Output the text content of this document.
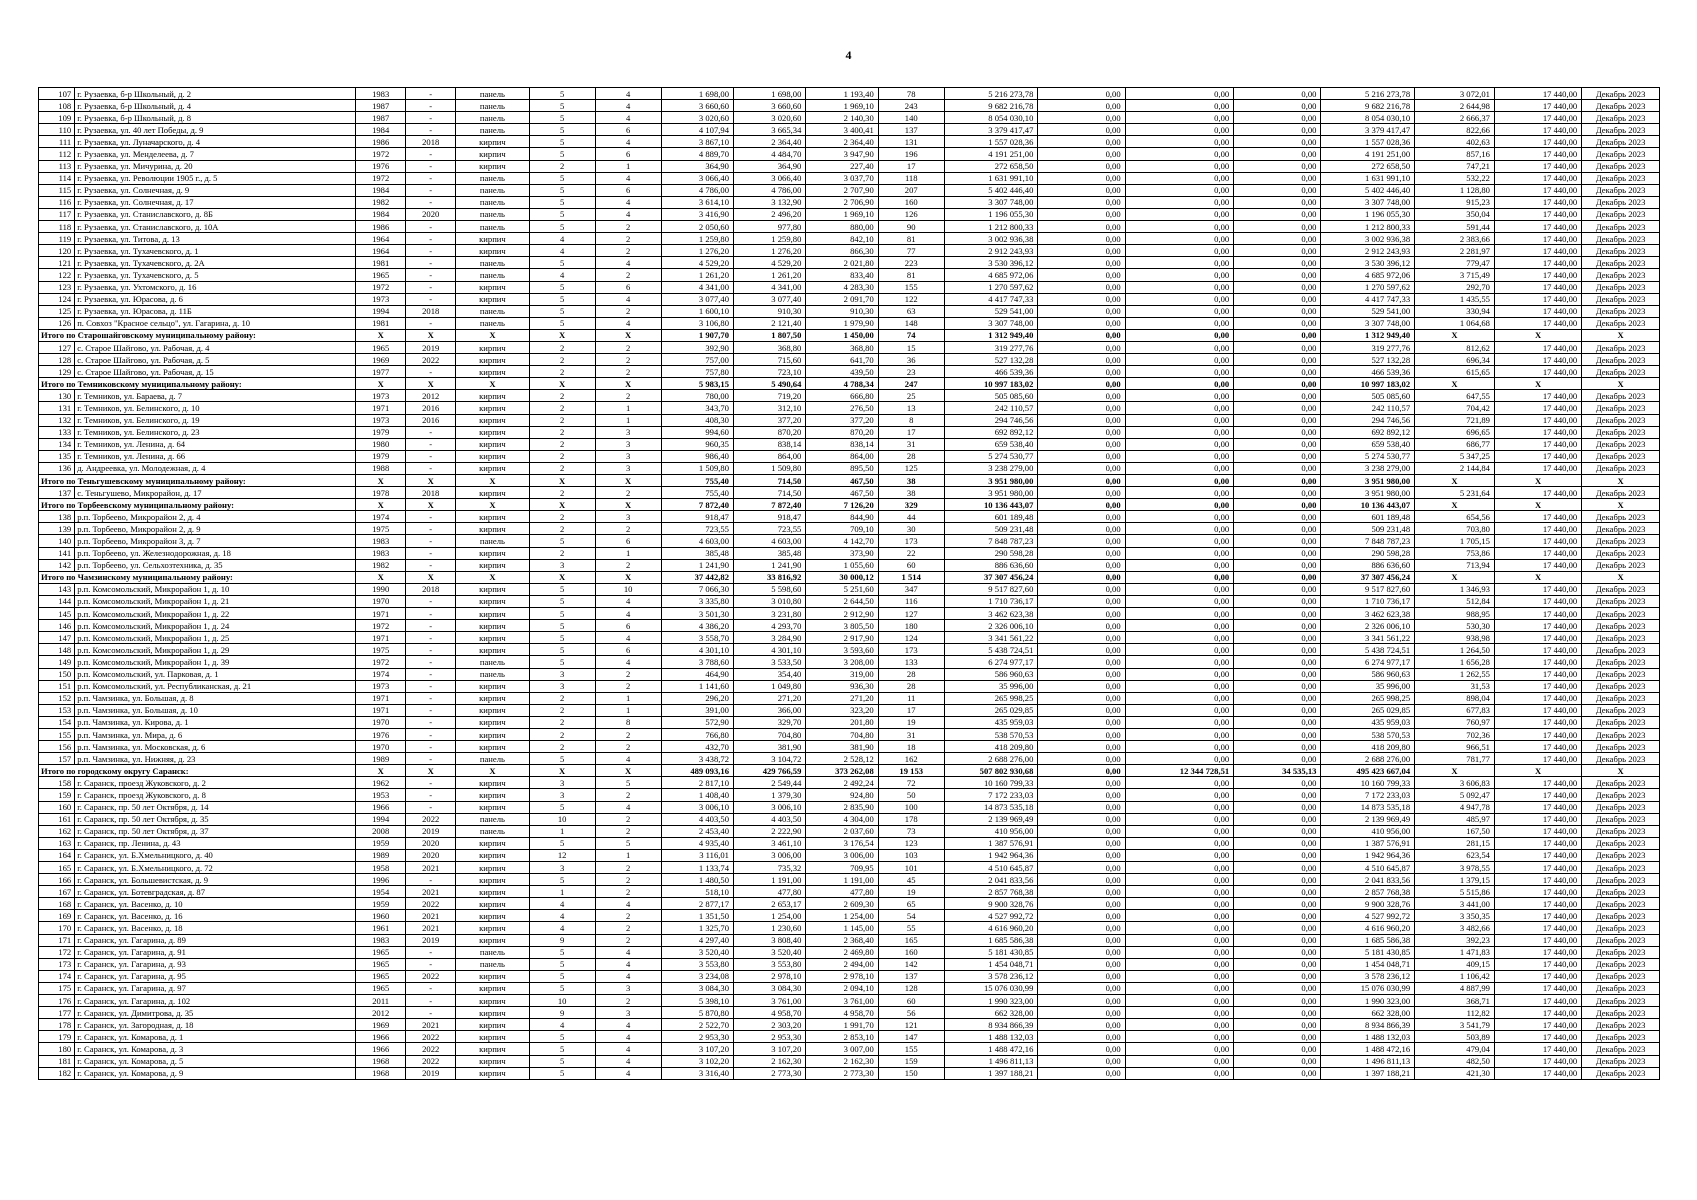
4
107	г. Рузаевка, б-р Школьный, д. 2	1983	-	панель	5	4	1 698,00	1 698,00	1 193,40	78	5 216 273,78	0,00	0,00	0,00	5 216 273,78	3 072,01	17 440,00	Декабрь 2023
108	г. Рузаевка, б-р Школьный, д. 4	1987	-	панель	5	4	3 660,60	3 660,60	1 969,10	243	9 682 216,78	0,00	0,00	0,00	9 682 216,78	2 644,98	17 440,00	Декабрь 2023
109	г. Рузаевка, б-р Школьный, д. 8	1987	-	панель	5	4	3 020,60	3 020,60	2 140,30	140	8 054 030,10	0,00	0,00	0,00	8 054 030,10	2 666,37	17 440,00	Декабрь 2023
110	г. Рузаевка, ул. 40 лет Победы, д. 9	1984	-	панель	5	6	4 107,94	3 665,34	3 400,41	137	3 379 417,47	0,00	0,00	0,00	3 379 417,47	822,66	17 440,00	Декабрь 2023
111	г. Рузаевка, ул. Луначарского, д. 4	1986	2018	кирпич	5	4	3 867,10	2 364,40	2 364,40	131	1 557 028,36	0,00	0,00	0,00	1 557 028,36	402,63	17 440,00	Декабрь 2023
112	г. Рузаевка, ул. Менделеева, д. 7	1972	-	кирпич	5	6	4 889,70	4 484,70	3 947,90	196	4 191 251,00	0,00	0,00	0,00	4 191 251,00	857,16	17 440,00	Декабрь 2023
113	г. Рузаевка, ул. Мичурина, д. 20	1976	-	кирпич	2	1	364,90	364,90	227,40	17	272 658,50	0,00	0,00	0,00	272 658,50	747,21	17 440,00	Декабрь 2023
114	г. Рузаевка, ул. Революции 1905 г., д. 5	1972	-	панель	5	4	3 066,40	3 066,40	3 037,70	118	1 631 991,10	0,00	0,00	0,00	1 631 991,10	532,22	17 440,00	Декабрь 2023
115	г. Рузаевка, ул. Солнечная, д. 9	1984	-	панель	5	6	4 786,00	4 786,00	2 707,90	207	5 402 446,40	0,00	0,00	0,00	5 402 446,40	1 128,80	17 440,00	Декабрь 2023
116	г. Рузаевка, ул. Солнечная, д. 17	1982	-	панель	5	4	3 614,10	3 132,90	2 706,90	160	3 307 748,00	0,00	0,00	0,00	3 307 748,00	915,23	17 440,00	Декабрь 2023
117	г. Рузаевка, ул. Станиславского, д. 8Б	1984	2020	панель	5	4	3 416,90	2 496,20	1 969,10	126	1 196 055,30	0,00	0,00	0,00	1 196 055,30	350,04	17 440,00	Декабрь 2023
118	г. Рузаевка, ул. Станиславского, д. 10А	1986	-	панель	5	2	2 050,60	977,80	880,00	90	1 212 800,33	0,00	0,00	0,00	1 212 800,33	591,44	17 440,00	Декабрь 2023
119	г. Рузаевка, ул. Титова, д. 13	1964	-	кирпич	4	2	1 259,80	1 259,80	842,10	81	3 002 936,38	0,00	0,00	0,00	3 002 936,38	2 383,66	17 440,00	Декабрь 2023
120	г. Рузаевка, ул. Тухачевского, д. 1	1964	-	кирпич	4	2	1 276,20	1 276,20	866,30	77	2 912 243,93	0,00	0,00	0,00	2 912 243,93	2 281,97	17 440,00	Декабрь 2023
121	г. Рузаевка, ул. Тухачевского, д. 2А	1981	-	панель	5	4	4 529,20	4 529,20	2 021,80	223	3 530 396,12	0,00	0,00	0,00	3 530 396,12	779,47	17 440,00	Декабрь 2023
122	г. Рузаевка, ул. Тухачевского, д. 5	1965	-	панель	4	2	1 261,20	1 261,20	833,40	81	4 685 972,06	0,00	0,00	0,00	4 685 972,06	3 715,49	17 440,00	Декабрь 2023
123	г. Рузаевка, ул. Ухтомского, д. 16	1972	-	кирпич	5	6	4 341,00	4 341,00	4 283,30	155	1 270 597,62	0,00	0,00	0,00	1 270 597,62	292,70	17 440,00	Декабрь 2023
124	г. Рузаевка, ул. Юрасова, д. 6	1973	-	кирпич	5	4	3 077,40	3 077,40	2 091,70	122	4 417 747,33	0,00	0,00	0,00	4 417 747,33	1 435,55	17 440,00	Декабрь 2023
125	г. Рузаевка, ул. Юрасова, д. 11Б	1994	2018	панель	5	2	1 600,10	910,30	910,30	63	529 541,00	0,00	0,00	0,00	529 541,00	330,94	17 440,00	Декабрь 2023
126	п. Совхоз "Красное сельцо", ул. Гагарина, д. 10	1981	-	панель	5	4	3 106,80	2 121,40	1 979,90	148	3 307 748,00	0,00	0,00	0,00	3 307 748,00	1 064,68	17 440,00	Декабрь 2023
Итого по Старошайговскому муниципальному району:		X	X	X	X	X	1 907,70	1 807,50	1 450,00	74	1 312 949,40	0,00	0,00	0,00	1 312 949,40	X	X	X
127	с. Старое Шайгово, ул. Рабочая, д. 4	1965	2019	кирпич	2	2	392,90	368,80	368,80	15	319 277,76	0,00	0,00	0,00	319 277,76	812,62	17 440,00	Декабрь 2023
128	с. Старое Шайгово, ул. Рабочая, д. 5	1969	2022	кирпич	2	2	757,00	715,60	641,70	36	527 132,28	0,00	0,00	0,00	527 132,28	696,34	17 440,00	Декабрь 2023
129	с. Старое Шайгово, ул. Рабочая, д. 15	1977	-	кирпич	2	2	757,80	723,10	439,50	23	466 539,36	0,00	0,00	0,00	466 539,36	615,65	17 440,00	Декабрь 2023
Итого по Темниковскому муниципальному району:		X	X	X	X	X	5 983,15	5 490,64	4 788,34	247	10 997 183,02	0,00	0,00	0,00	10 997 183,02	X	X	X
130	г. Темников, ул. Бараева, д. 7	1973	2012	кирпич	2	2	780,00	719,20	666,80	25	505 085,60	0,00	0,00	0,00	505 085,60	647,55	17 440,00	Декабрь 2023
131	г. Темников, ул. Белинского, д. 10	1971	2016	кирпич	2	1	343,70	312,10	276,50	13	242 110,57	0,00	0,00	0,00	242 110,57	704,42	17 440,00	Декабрь 2023
132	г. Темников, ул. Белинского, д. 19	1973	2016	кирпич	2	1	408,30	377,20	377,20	8	294 746,56	0,00	0,00	0,00	294 746,56	721,89	17 440,00	Декабрь 2023
133	г. Темников, ул. Белинского, д. 23	1979	-	кирпич	2	3	994,60	870,20	870,20	17	692 892,12	0,00	0,00	0,00	692 892,12	696,65	17 440,00	Декабрь 2023
134	г. Темников, ул. Ленина, д. 64	1980	-	кирпич	2	3	960,35	838,14	838,14	31	659 538,40	0,00	0,00	0,00	659 538,40	686,77	17 440,00	Декабрь 2023
135	г. Темников, ул. Ленина, д. 66	1979	-	кирпич	2	3	986,40	864,00	864,00	28	5 274 530,77	0,00	0,00	0,00	5 274 530,77	5 347,25	17 440,00	Декабрь 2023
136	д. Андреевка, ул. Молодежная, д. 4	1988	-	кирпич	2	3	1 509,80	1 509,80	895,50	125	3 238 279,00	0,00	0,00	0,00	3 238 279,00	2 144,84	17 440,00	Декабрь 2023
Итого по Теньгушевскому муниципальному району:		X	X	X	X	X	755,40	714,50	467,50	38	3 951 980,00	0,00	0,00	0,00	3 951 980,00	X	X	X
137	с. Теньгушево, Микрорайон, д. 17	1978	2018	кирпич	2	2	755,40	714,50	467,50	38	3 951 980,00	0,00	0,00	0,00	3 951 980,00	5 231,64	17 440,00	Декабрь 2023
Итого по Торбеевскому муниципальному району:		X	X	X	X	X	7 872,40	7 872,40	7 126,20	329	10 136 443,07	0,00	0,00	0,00	10 136 443,07	X	X	X
138	р.п. Торбеево, Микрорайон 2, д. 4	1974	-	кирпич	2	3	918,47	918,47	844,90	44	601 189,48	0,00	0,00	0,00	601 189,48	654,56	17 440,00	Декабрь 2023
139	р.п. Торбеево, Микрорайон 2, д. 9	1975	-	кирпич	2	2	723,55	723,55	709,10	30	509 231,48	0,00	0,00	0,00	509 231,48	703,80	17 440,00	Декабрь 2023
140	р.п. Торбеево, Микрорайон 3, д. 7	1983	-	панель	5	6	4 603,00	4 603,00	4 142,70	173	7 848 787,23	0,00	0,00	0,00	7 848 787,23	1 705,15	17 440,00	Декабрь 2023
141	р.п. Торбеево, ул. Железнодорожная, д. 18	1983	-	кирпич	2	1	385,48	385,48	373,90	22	290 598,28	0,00	0,00	0,00	290 598,28	753,86	17 440,00	Декабрь 2023
142	р.п. Торбеево, ул. Сельхозтехника, д. 35	1982	-	кирпич	3	2	1 241,90	1 241,90	1 055,60	60	886 636,60	0,00	0,00	0,00	886 636,60	713,94	17 440,00	Декабрь 2023
Итого по Чамзинскому муниципальному району:		X	X	X	X	X	37 442,82	33 816,92	30 000,12	1 514	37 307 456,24	0,00	0,00	0,00	37 307 456,24	X	X	X
143	р.п. Комсомольский, Микрорайон 1, д. 10	1990	2018	кирпич	5	10	7 066,30	5 598,60	5 251,60	347	9 517 827,60	0,00	0,00	0,00	9 517 827,60	1 346,93	17 440,00	Декабрь 2023
144	р.п. Комсомольский, Микрорайон 1, д. 21	1970	-	кирпич	5	4	3 335,80	3 010,80	2 644,50	116	1 710 736,17	0,00	0,00	0,00	1 710 736,17	512,84	17 440,00	Декабрь 2023
145	р.п. Комсомольский, Микрорайон 1, д. 22	1971	-	кирпич	5	4	3 501,30	3 231,80	2 912,90	127	3 462 623,38	0,00	0,00	0,00	3 462 623,38	988,95	17 440,00	Декабрь 2023
146	р.п. Комсомольский, Микрорайон 1, д. 24	1972	-	кирпич	5	6	4 386,20	4 293,70	3 805,50	180	2 326 006,10	0,00	0,00	0,00	2 326 006,10	530,30	17 440,00	Декабрь 2023
147	р.п. Комсомольский, Микрорайон 1, д. 25	1971	-	кирпич	5	4	3 558,70	3 284,90	2 917,90	124	3 341 561,22	0,00	0,00	0,00	3 341 561,22	938,98	17 440,00	Декабрь 2023
148	р.п. Комсомольский, Микрорайон 1, д. 29	1975	-	кирпич	5	6	4 301,10	4 301,10	3 593,60	173	5 438 724,51	0,00	0,00	0,00	5 438 724,51	1 264,50	17 440,00	Декабрь 2023
149	р.п. Комсомольский, Микрорайон 1, д. 39	1972	-	панель	5	4	3 788,60	3 533,50	3 208,00	133	6 274 977,17	0,00	0,00	0,00	6 274 977,17	1 656,28	17 440,00	Декабрь 2023
150	р.п. Комсомольский, ул. Парковая, д. 1	1974	-	панель	3	2	464,90	354,40	319,00	28	586 960,63	0,00	0,00	0,00	586 960,63	1 262,55	17 440,00	Декабрь 2023
151	р.п. Комсомольский, ул. Республиканская, д. 21	1973	-	кирпич	3	2	1 141,60	1 049,80	936,30	28	35 996,00	0,00	0,00	0,00	35 996,00	31,53	17 440,00	Декабрь 2023
152	р.п. Чамзинка, ул. Большая, д. 8	1971	-	кирпич	2	1	296,20	271,20	271,20	11	265 998,25	0,00	0,00	0,00	265 998,25	898,04	17 440,00	Декабрь 2023
153	р.п. Чамзинка, ул. Большая, д. 10	1971	-	кирпич	2	1	391,00	366,00	323,20	17	265 029,85	0,00	0,00	0,00	265 029,85	677,83	17 440,00	Декабрь 2023
154	р.п. Чамзинка, ул. Кирова, д. 1	1970	-	кирпич	2	8	572,90	329,70	201,80	19	435 959,03	0,00	0,00	0,00	435 959,03	760,97	17 440,00	Декабрь 2023
155	р.п. Чамзинка, ул. Мира, д. 6	1976	-	кирпич	2	2	766,80	704,80	704,80	31	538 570,53	0,00	0,00	0,00	538 570,53	702,36	17 440,00	Декабрь 2023
156	р.п. Чамзинка, ул. Московская, д. 6	1970	-	кирпич	2	2	432,70	381,90	381,90	18	418 209,80	0,00	0,00	0,00	418 209,80	966,51	17 440,00	Декабрь 2023
157	р.п. Чамзинка, ул. Нижняя, д. 23	1989	-	панель	5	4	3 438,72	3 104,72	2 528,12	162	2 688 276,00	0,00	0,00	0,00	2 688 276,00	781,77	17 440,00	Декабрь 2023
Итого по городскому округу Саранск:		X	X	X	X	X	489 093,16	429 766,59	373 262,08	19 153	507 802 930,68	0,00	12 344 728,51	34 535,13	495 423 667,04	X	X	X
158	г. Саранск, проезд Жуковского, д. 2	1962	-	кирпич	3	5	2 817,10	2 549,44	2 492,24	72	10 160 799,33	0,00	0,00	0,00	10 160 799,33	3 606,83	17 440,00	Декабрь 2023
159	г. Саранск, проезд Жуковского, д. 8	1953	-	кирпич	3	2	1 408,40	1 379,30	924,80	50	7 172 233,03	0,00	0,00	0,00	7 172 233,03	5 092,47	17 440,00	Декабрь 2023
160	г. Саранск, пр. 50 лет Октября, д. 14	1966	-	кирпич	5	4	3 006,10	3 006,10	2 835,90	100	14 873 535,18	0,00	0,00	0,00	14 873 535,18	4 947,78	17 440,00	Декабрь 2023
161	г. Саранск, пр. 50 лет Октября, д. 35	1994	2022	панель	10	2	4 403,50	4 403,50	4 304,00	178	2 139 969,49	0,00	0,00	0,00	2 139 969,49	485,97	17 440,00	Декабрь 2023
162	г. Саранск, пр. 50 лет Октября, д. 37	2008	2019	панель	1	2	2 453,40	2 222,90	2 037,60	73	410 956,00	0,00	0,00	0,00	410 956,00	167,50	17 440,00	Декабрь 2023
163	г. Саранск, пр. Ленина, д. 43	1959	2020	кирпич	5	5	4 935,40	3 461,10	3 176,54	123	1 387 576,91	0,00	0,00	0,00	1 387 576,91	281,15	17 440,00	Декабрь 2023
164	г. Саранск, ул. Б.Хмельницкого, д. 40	1989	2020	кирпич	12	1	3 116,01	3 006,00	3 006,00	103	1 942 964,36	0,00	0,00	0,00	1 942 964,36	623,54	17 440,00	Декабрь 2023
165	г. Саранск, ул. Б.Хмельницкого, д. 72	1958	2021	кирпич	3	2	1 133,74	735,32	709,95	101	4 510 645,87	0,00	0,00	0,00	4 510 645,87	3 978,55	17 440,00	Декабрь 2023
166	г. Саранск, ул. Большевистская, д. 9	1996	-	кирпич	5	2	1 480,50	1 191,00	1 191,00	45	2 041 833,56	0,00	0,00	0,00	2 041 833,56	1 379,15	17 440,00	Декабрь 2023
167	г. Саранск, ул. Ботевградская, д. 87	1954	2021	кирпич	1	2	518,10	477,80	477,80	19	2 857 768,38	0,00	0,00	0,00	2 857 768,38	5 515,86	17 440,00	Декабрь 2023
168	г. Саранск, ул. Васенко, д. 10	1959	2022	кирпич	4	4	2 877,17	2 653,17	2 609,30	65	9 900 328,76	0,00	0,00	0,00	9 900 328,76	3 441,00	17 440,00	Декабрь 2023
169	г. Саранск, ул. Васенко, д. 16	1960	2021	кирпич	4	2	1 351,50	1 254,00	1 254,00	54	4 527 992,72	0,00	0,00	0,00	4 527 992,72	3 350,35	17 440,00	Декабрь 2023
170	г. Саранск, ул. Васенко, д. 18	1961	2021	кирпич	4	2	1 325,70	1 230,60	1 145,00	55	4 616 960,20	0,00	0,00	0,00	4 616 960,20	3 482,66	17 440,00	Декабрь 2023
171	г. Саранск, ул. Гагарина, д. 89	1983	2019	кирпич	9	2	4 297,40	3 808,40	2 368,40	165	1 685 586,38	0,00	0,00	0,00	1 685 586,38	392,23	17 440,00	Декабрь 2023
172	г. Саранск, ул. Гагарина, д. 91	1965	-	панель	5	4	3 520,40	3 520,40	2 469,80	160	5 181 430,85	0,00	0,00	0,00	5 181 430,85	1 471,83	17 440,00	Декабрь 2023
173	г. Саранск, ул. Гагарина, д. 93	1965	-	панель	5	4	3 553,80	3 553,80	2 494,00	142	1 454 048,71	0,00	0,00	0,00	1 454 048,71	409,15	17 440,00	Декабрь 2023
174	г. Саранск, ул. Гагарина, д. 95	1965	2022	кирпич	5	4	3 234,08	2 978,10	2 978,10	137	3 578 236,12	0,00	0,00	0,00	3 578 236,12	1 106,42	17 440,00	Декабрь 2023
175	г. Саранск, ул. Гагарина, д. 97	1965	-	кирпич	5	3	3 084,30	3 084,30	2 094,10	128	15 076 030,99	0,00	0,00	0,00	15 076 030,99	4 887,99	17 440,00	Декабрь 2023
176	г. Саранск, ул. Гагарина, д. 102	2011	-	кирпич	10	2	5 398,10	3 761,00	3 761,00	60	1 990 323,00	0,00	0,00	0,00	1 990 323,00	368,71	17 440,00	Декабрь 2023
177	г. Саранск, ул. Димитрова, д. 35	2012	-	кирпич	9	3	5 870,80	4 958,70	4 958,70	56	662 328,00	0,00	0,00	0,00	662 328,00	112,82	17 440,00	Декабрь 2023
178	г. Саранск, ул. Загородная, д. 18	1969	2021	кирпич	4	4	2 522,70	2 303,20	1 991,70	121	8 934 866,39	0,00	0,00	0,00	8 934 866,39	3 541,79	17 440,00	Декабрь 2023
179	г. Саранск, ул. Комарова, д. 1	1966	2022	кирпич	5	4	2 953,30	2 953,30	2 853,10	147	1 488 132,03	0,00	0,00	0,00	1 488 132,03	503,89	17 440,00	Декабрь 2023
180	г. Саранск, ул. Комарова, д. 3	1966	2022	кирпич	5	4	3 107,20	3 107,20	3 007,00	155	1 488 472,16	0,00	0,00	0,00	1 488 472,16	479,04	17 440,00	Декабрь 2023
181	г. Саранск, ул. Комарова, д. 5	1968	2022	кирпич	5	4	3 102,20	2 162,30	2 162,30	159	1 496 811,13	0,00	0,00	0,00	1 496 811,13	482,50	17 440,00	Декабрь 2023
182	г. Саранск, ул. Комарова, д. 9	1968	2019	кирпич	5	4	3 316,40	2 773,30	2 773,30	150	1 397 188,21	0,00	0,00	0,00	1 397 188,21	421,30	17 440,00	Декабрь 2023
